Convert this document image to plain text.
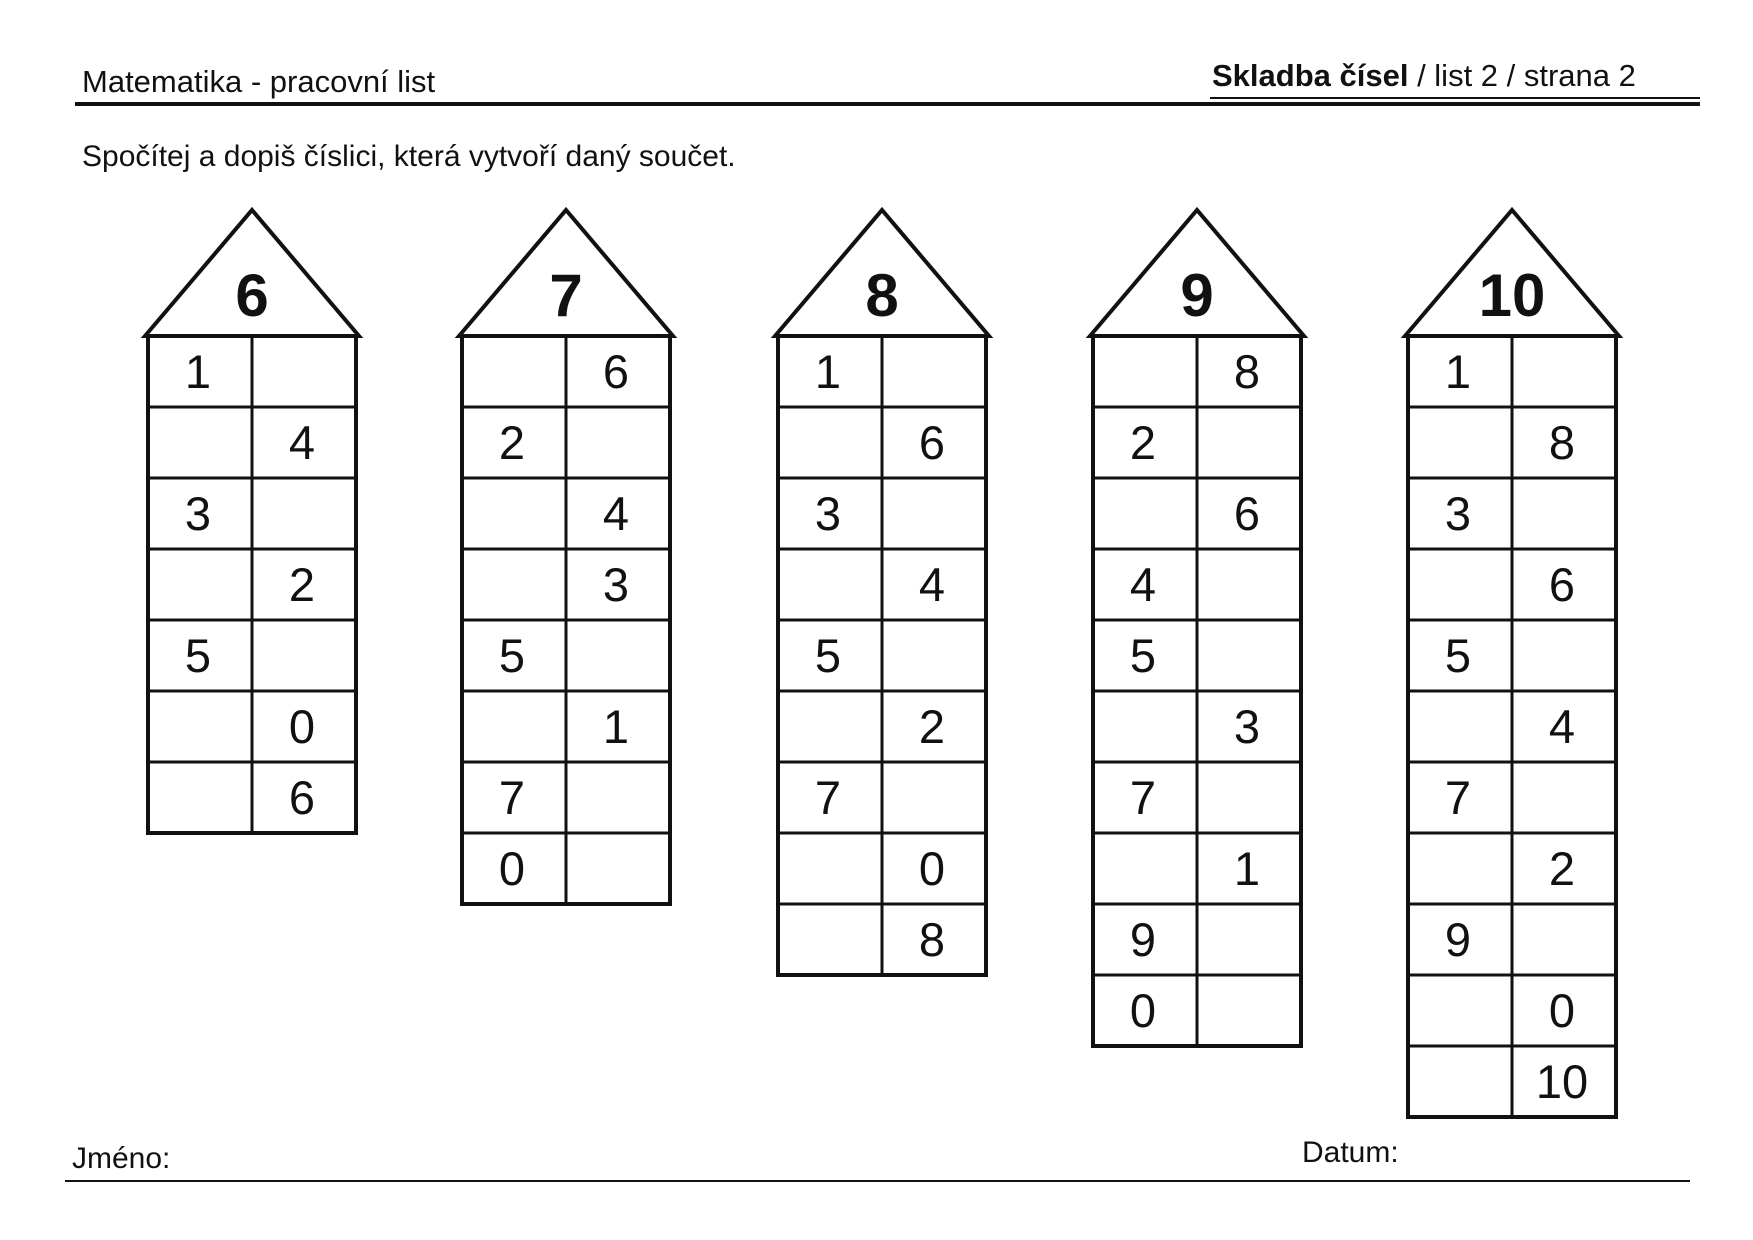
Matematika - pracovní list	Skladba čísel / list 2 / strana 2
Spočítej a dopiš číslici, která vytvoří daný součet.
6
1
4
3
2
5
0
6
7
6
2
4
3
5
1
7
0
8
1
6
3
4
5
2
7
0
8
9
8
2
6
4
5
3
7
1
9
0
10
1
8
3
6
5
4
7
2
9
0
10
Jméno:	Datum:
